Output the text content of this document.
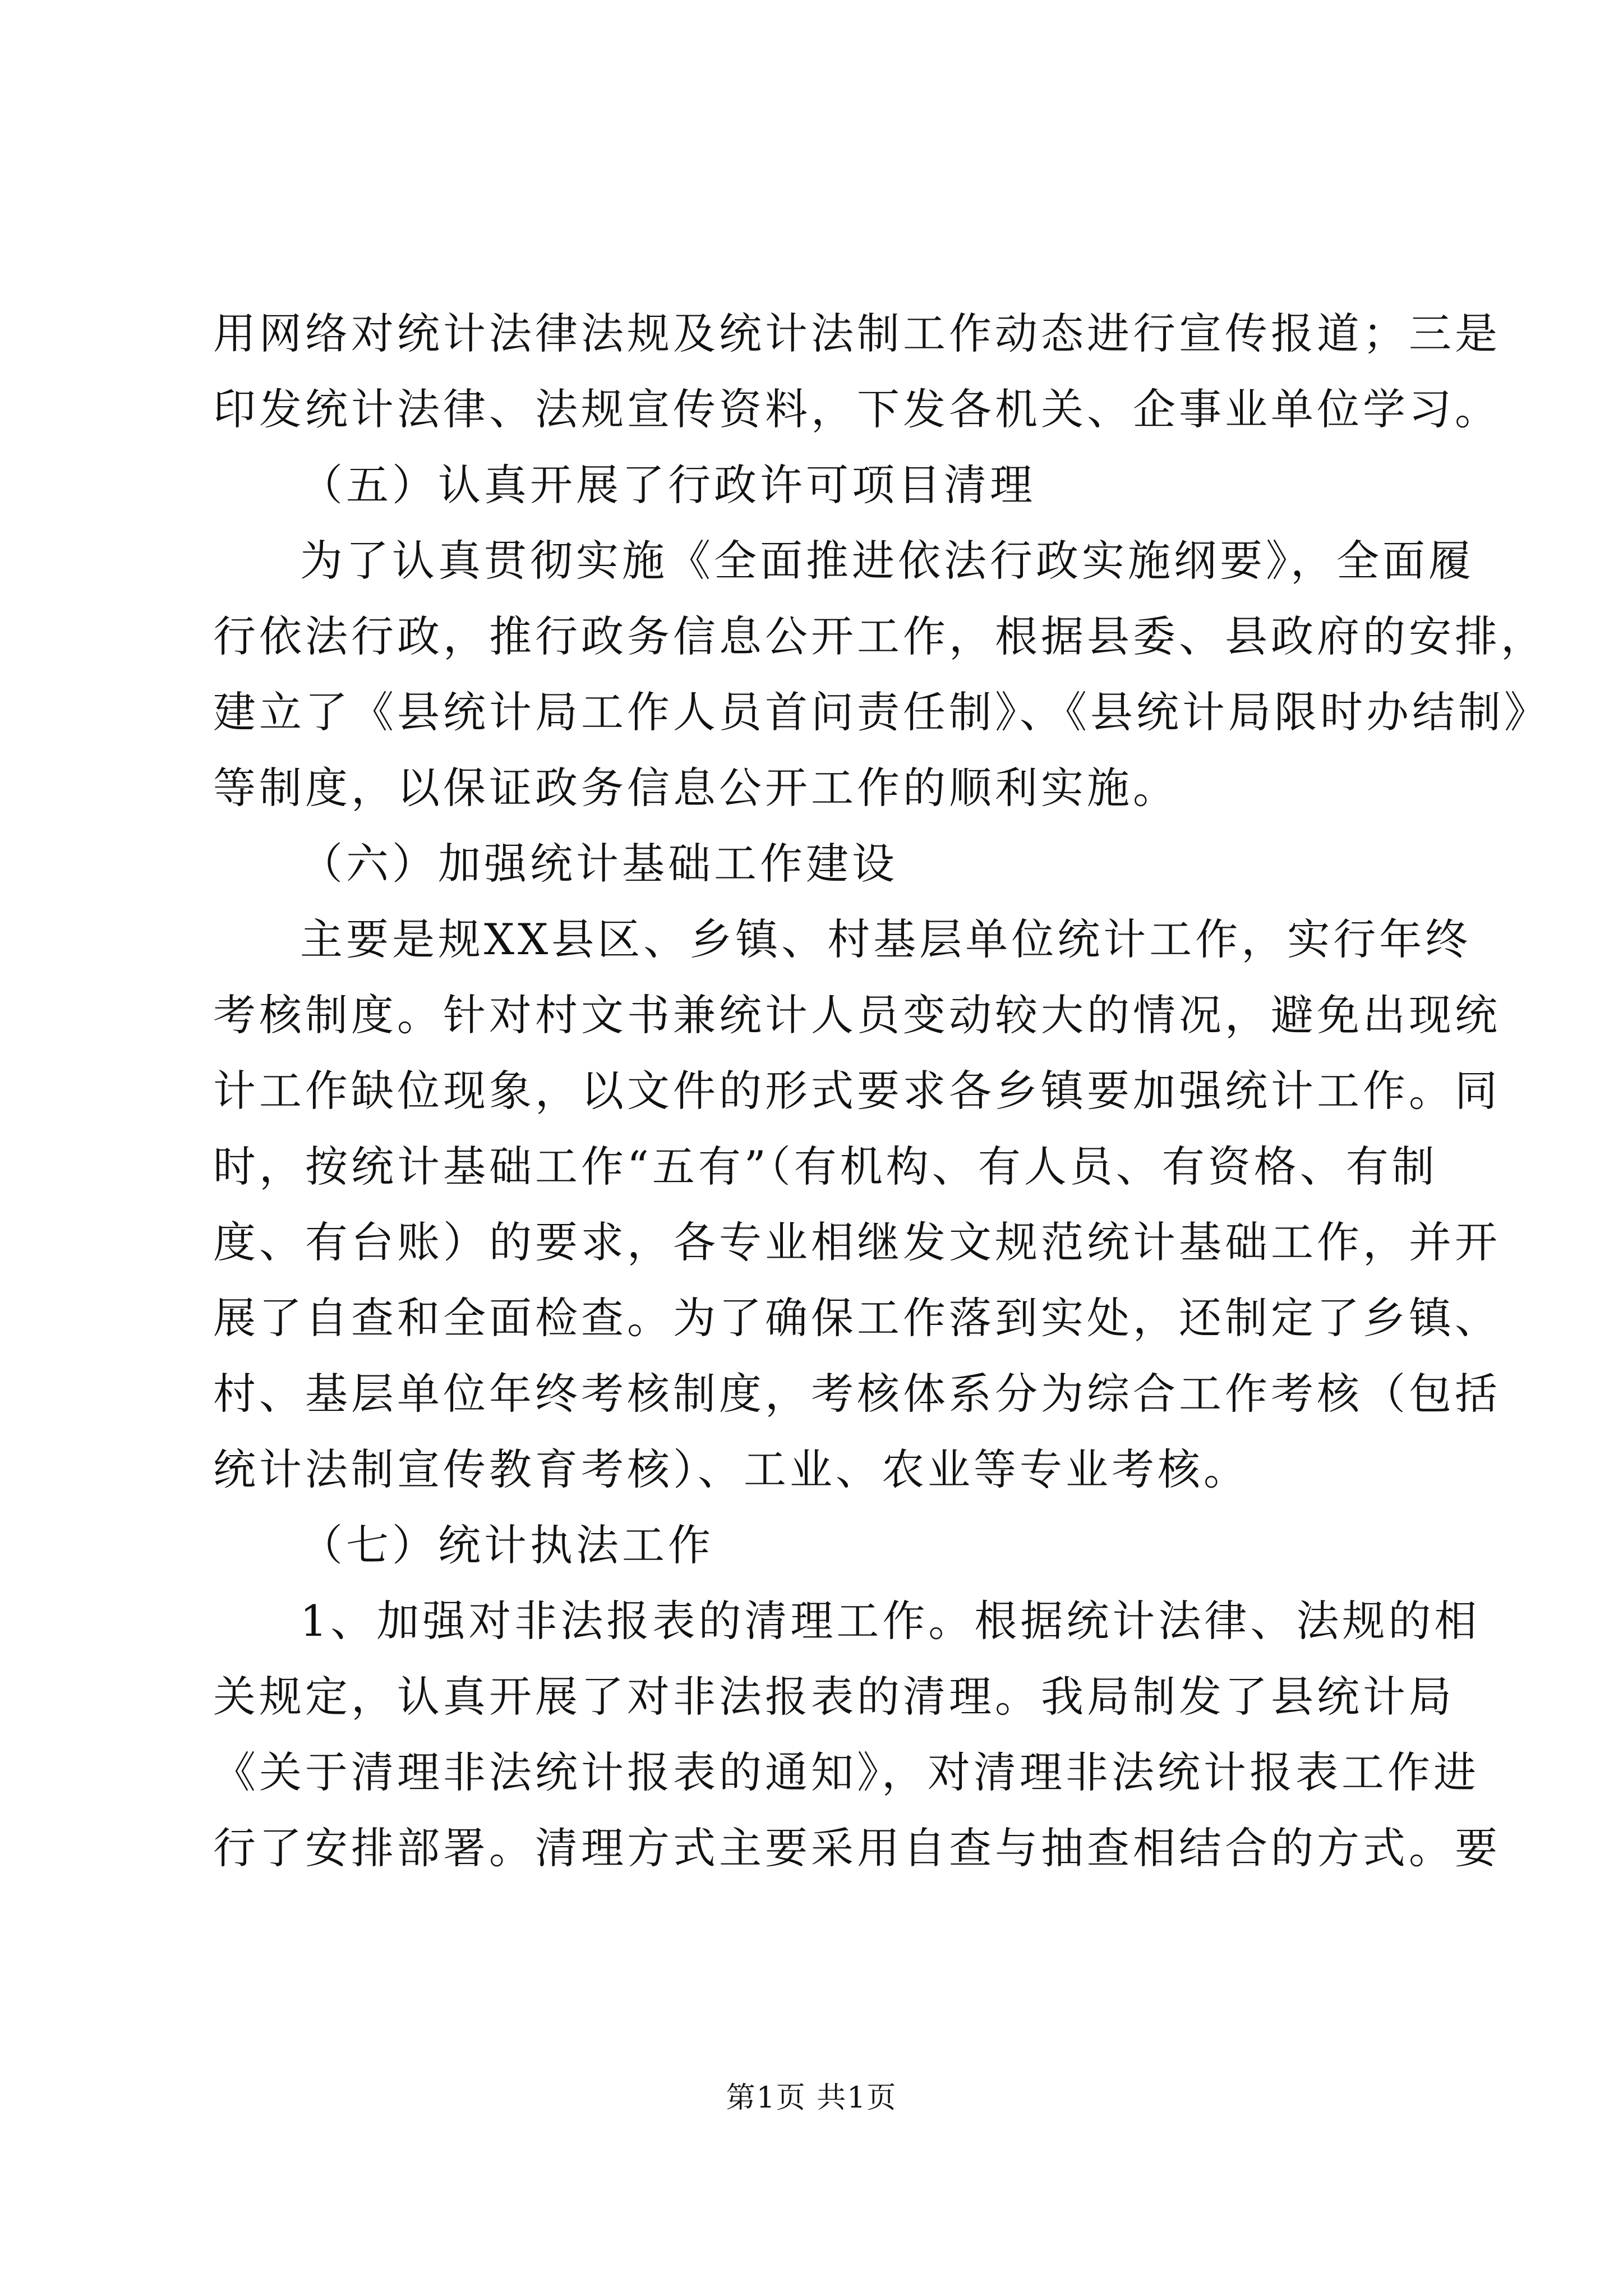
用网络对统计法律法规及统计法制工作动态进行宣传报道；三是
印发统计法律、法规宣传资料，下发各机关、企事业单位学习。
（五）认真开展了行政许可项目清理
为了认真贯彻实施《全面推进依法行政实施纲要》，全面履
行依法行政，推行政务信息公开工作，根据县委、县政府的安排，
建立了《县统计局工作人员首问责任制》、《县统计局限时办结制》
等制度，以保证政务信息公开工作的顺利实施。
（六）加强统计基础工作建设
主要是规XX县区、乡镇、村基层单位统计工作，实行年终
考核制度。针对村文书兼统计人员变动较大的情况，避免出现统
计工作缺位现象，以文件的形式要求各乡镇要加强统计工作。同
时，按统计基础工作“五有”（有机构、有人员、有资格、有制
度、有台账）的要求，各专业相继发文规范统计基础工作，并开
展了自查和全面检查。为了确保工作落到实处，还制定了乡镇、
村、基层单位年终考核制度，考核体系分为综合工作考核（包括
统计法制宣传教育考核）、工业、农业等专业考核。
（七）统计执法工作
1、加强对非法报表的清理工作。根据统计法律、法规的相
关规定，认真开展了对非法报表的清理。我局制发了县统计局
《关于清理非法统计报表的通知》，对清理非法统计报表工作进
行了安排部署。清理方式主要采用自查与抽查相结合的方式。要
第1页 共1页
